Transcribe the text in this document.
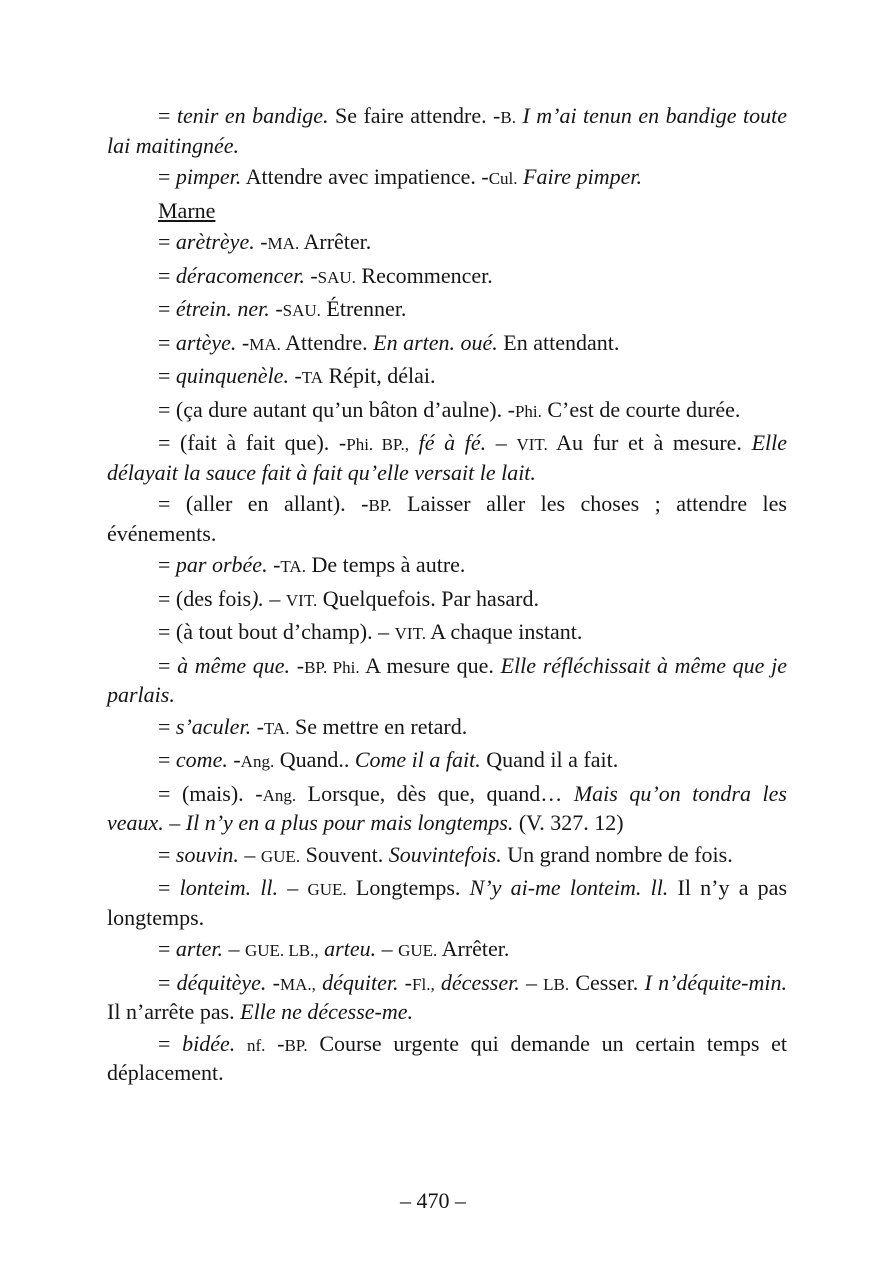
= tenir en bandige. Se faire attendre. -B. I m’ai tenun en bandige toute lai maitingnée.

= pimper. Attendre avec impatience. -Cul. Faire pimper.

Marne

= arètrèye. -MA. Arrêter.

= déracomencer. -SAU. Recommencer.

= étrein. ner. -SAU. Étrenner.

= artèye. -MA. Attendre. En arten. oué. En attendant.

= quinquenèle. -TA Répit, délai.

= (ça dure autant qu’un bâton d’aulne). -Phi. C’est de courte durée.

= (fait à fait que). -Phi. BP., fé à fé. – VIT. Au fur et à mesure. Elle délayait la sauce fait à fait qu’elle versait le lait.

= (aller en allant). -BP. Laisser aller les choses ; attendre les événements.

= par orbée. -TA. De temps à autre.

= (des fois). – VIT. Quelquefois. Par hasard.

= (à tout bout d’champ). – VIT. A chaque instant.

= à même que. -BP. Phi. A mesure que. Elle réfléchissait à même que je parlais.

= s’aculer. -TA. Se mettre en retard.

= come. -Ang. Quand.. Come il a fait. Quand il a fait.

= (mais). -Ang. Lorsque, dès que, quand… Mais qu’on tondra les veaux. – Il n’y en a plus pour mais longtemps. (V. 327. 12)

= souvin. – GUE. Souvent. Souvintefois. Un grand nombre de fois.

= lonteim. ll. – GUE. Longtemps. N’y ai-me lonteim. ll. Il n’y a pas longtemps.

= arter. – GUE. LB., arteu. – GUE. Arrêter.

= déquitèye. -MA., déquiter. -Fl., décesser. – LB. Cesser. I n’déquite-min. Il n’arrête pas. Elle ne décesse-me.

= bidée. nf. -BP. Course urgente qui demande un certain temps et déplacement.

– 470 –
